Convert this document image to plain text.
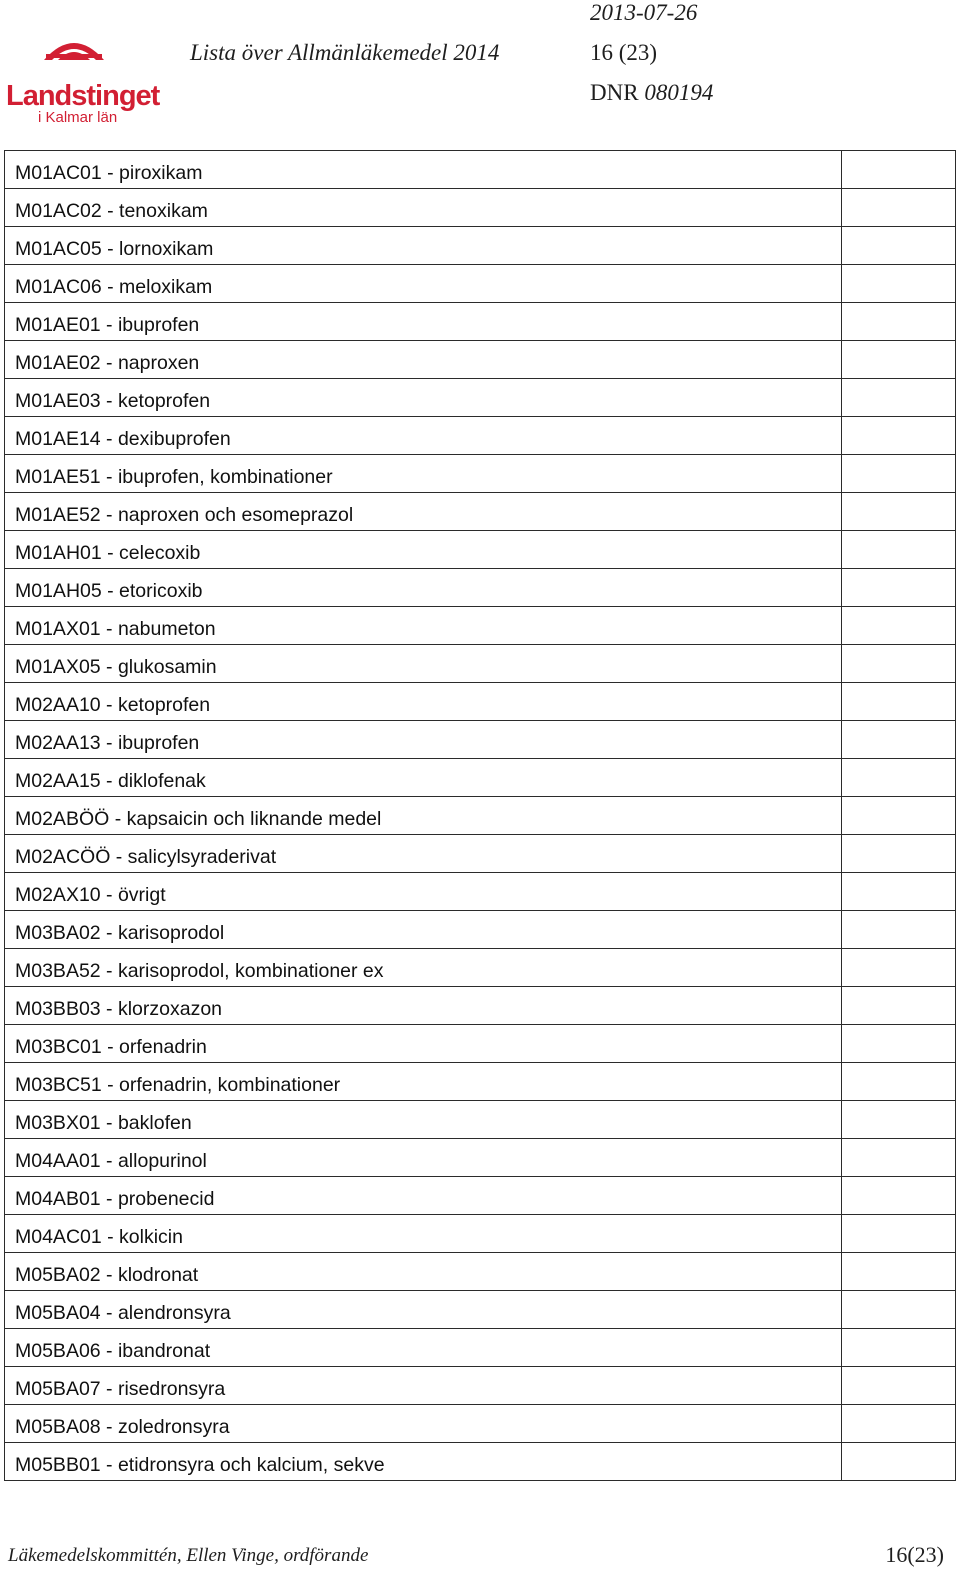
Landstinget
i Kalmar län
Lista över Allmänläkemedel 2014
2013-07-26
16 (23)
DNR 080194
M01AC01 - piroxikam	
M01AC02 - tenoxikam	
M01AC05 - lornoxikam	
M01AC06 - meloxikam	
M01AE01 - ibuprofen	
M01AE02 - naproxen	
M01AE03 - ketoprofen	
M01AE14 - dexibuprofen	
M01AE51 - ibuprofen, kombinationer	
M01AE52 - naproxen och esomeprazol	
M01AH01 - celecoxib	
M01AH05 - etoricoxib	
M01AX01 - nabumeton	
M01AX05 - glukosamin	
M02AA10 - ketoprofen	
M02AA13 - ibuprofen	
M02AA15 - diklofenak	
M02ABÖÖ - kapsaicin och liknande medel	
M02ACÖÖ - salicylsyraderivat	
M02AX10 - övrigt	
M03BA02 - karisoprodol	
M03BA52 - karisoprodol, kombinationer ex	
M03BB03 - klorzoxazon	
M03BC01 - orfenadrin	
M03BC51 - orfenadrin, kombinationer	
M03BX01 - baklofen	
M04AA01 - allopurinol	
M04AB01 - probenecid	
M04AC01 - kolkicin	
M05BA02 - klodronat	
M05BA04 - alendronsyra	
M05BA06 - ibandronat	
M05BA07 - risedronsyra	
M05BA08 - zoledronsyra	
M05BB01 - etidronsyra och kalcium, sekve	
Läkemedelskommittén, Ellen Vinge, ordförande	16(23)
